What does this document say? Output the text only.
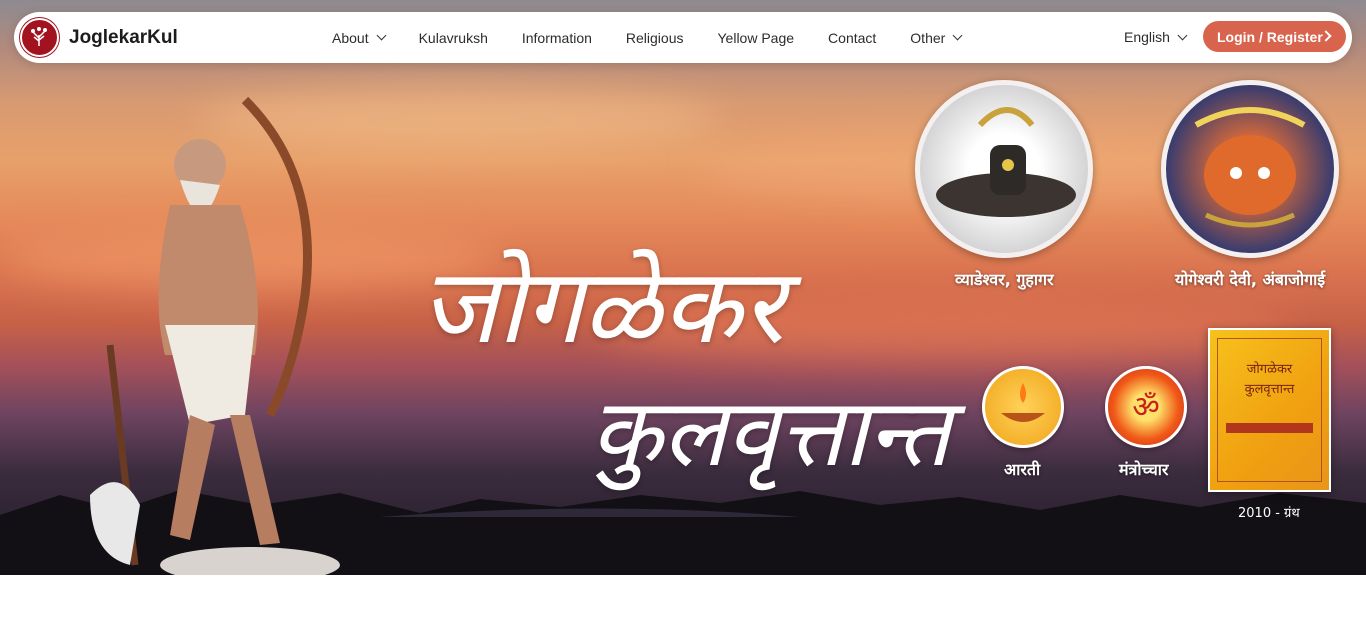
जोगळेकर
कुलवृत्तान्त
व्याडेश्वर, गुहागर	योगेश्वरी देवी, अंबाजोगाई
आरती
ॐ
मंत्रोच्चार
जोगळेकर
कुलवृत्तान्त
2010 - ग्रंथ
JoglekarKul	About	Kulavruksh Information Religious Yellow Page Contact Other	English	Login / Register
